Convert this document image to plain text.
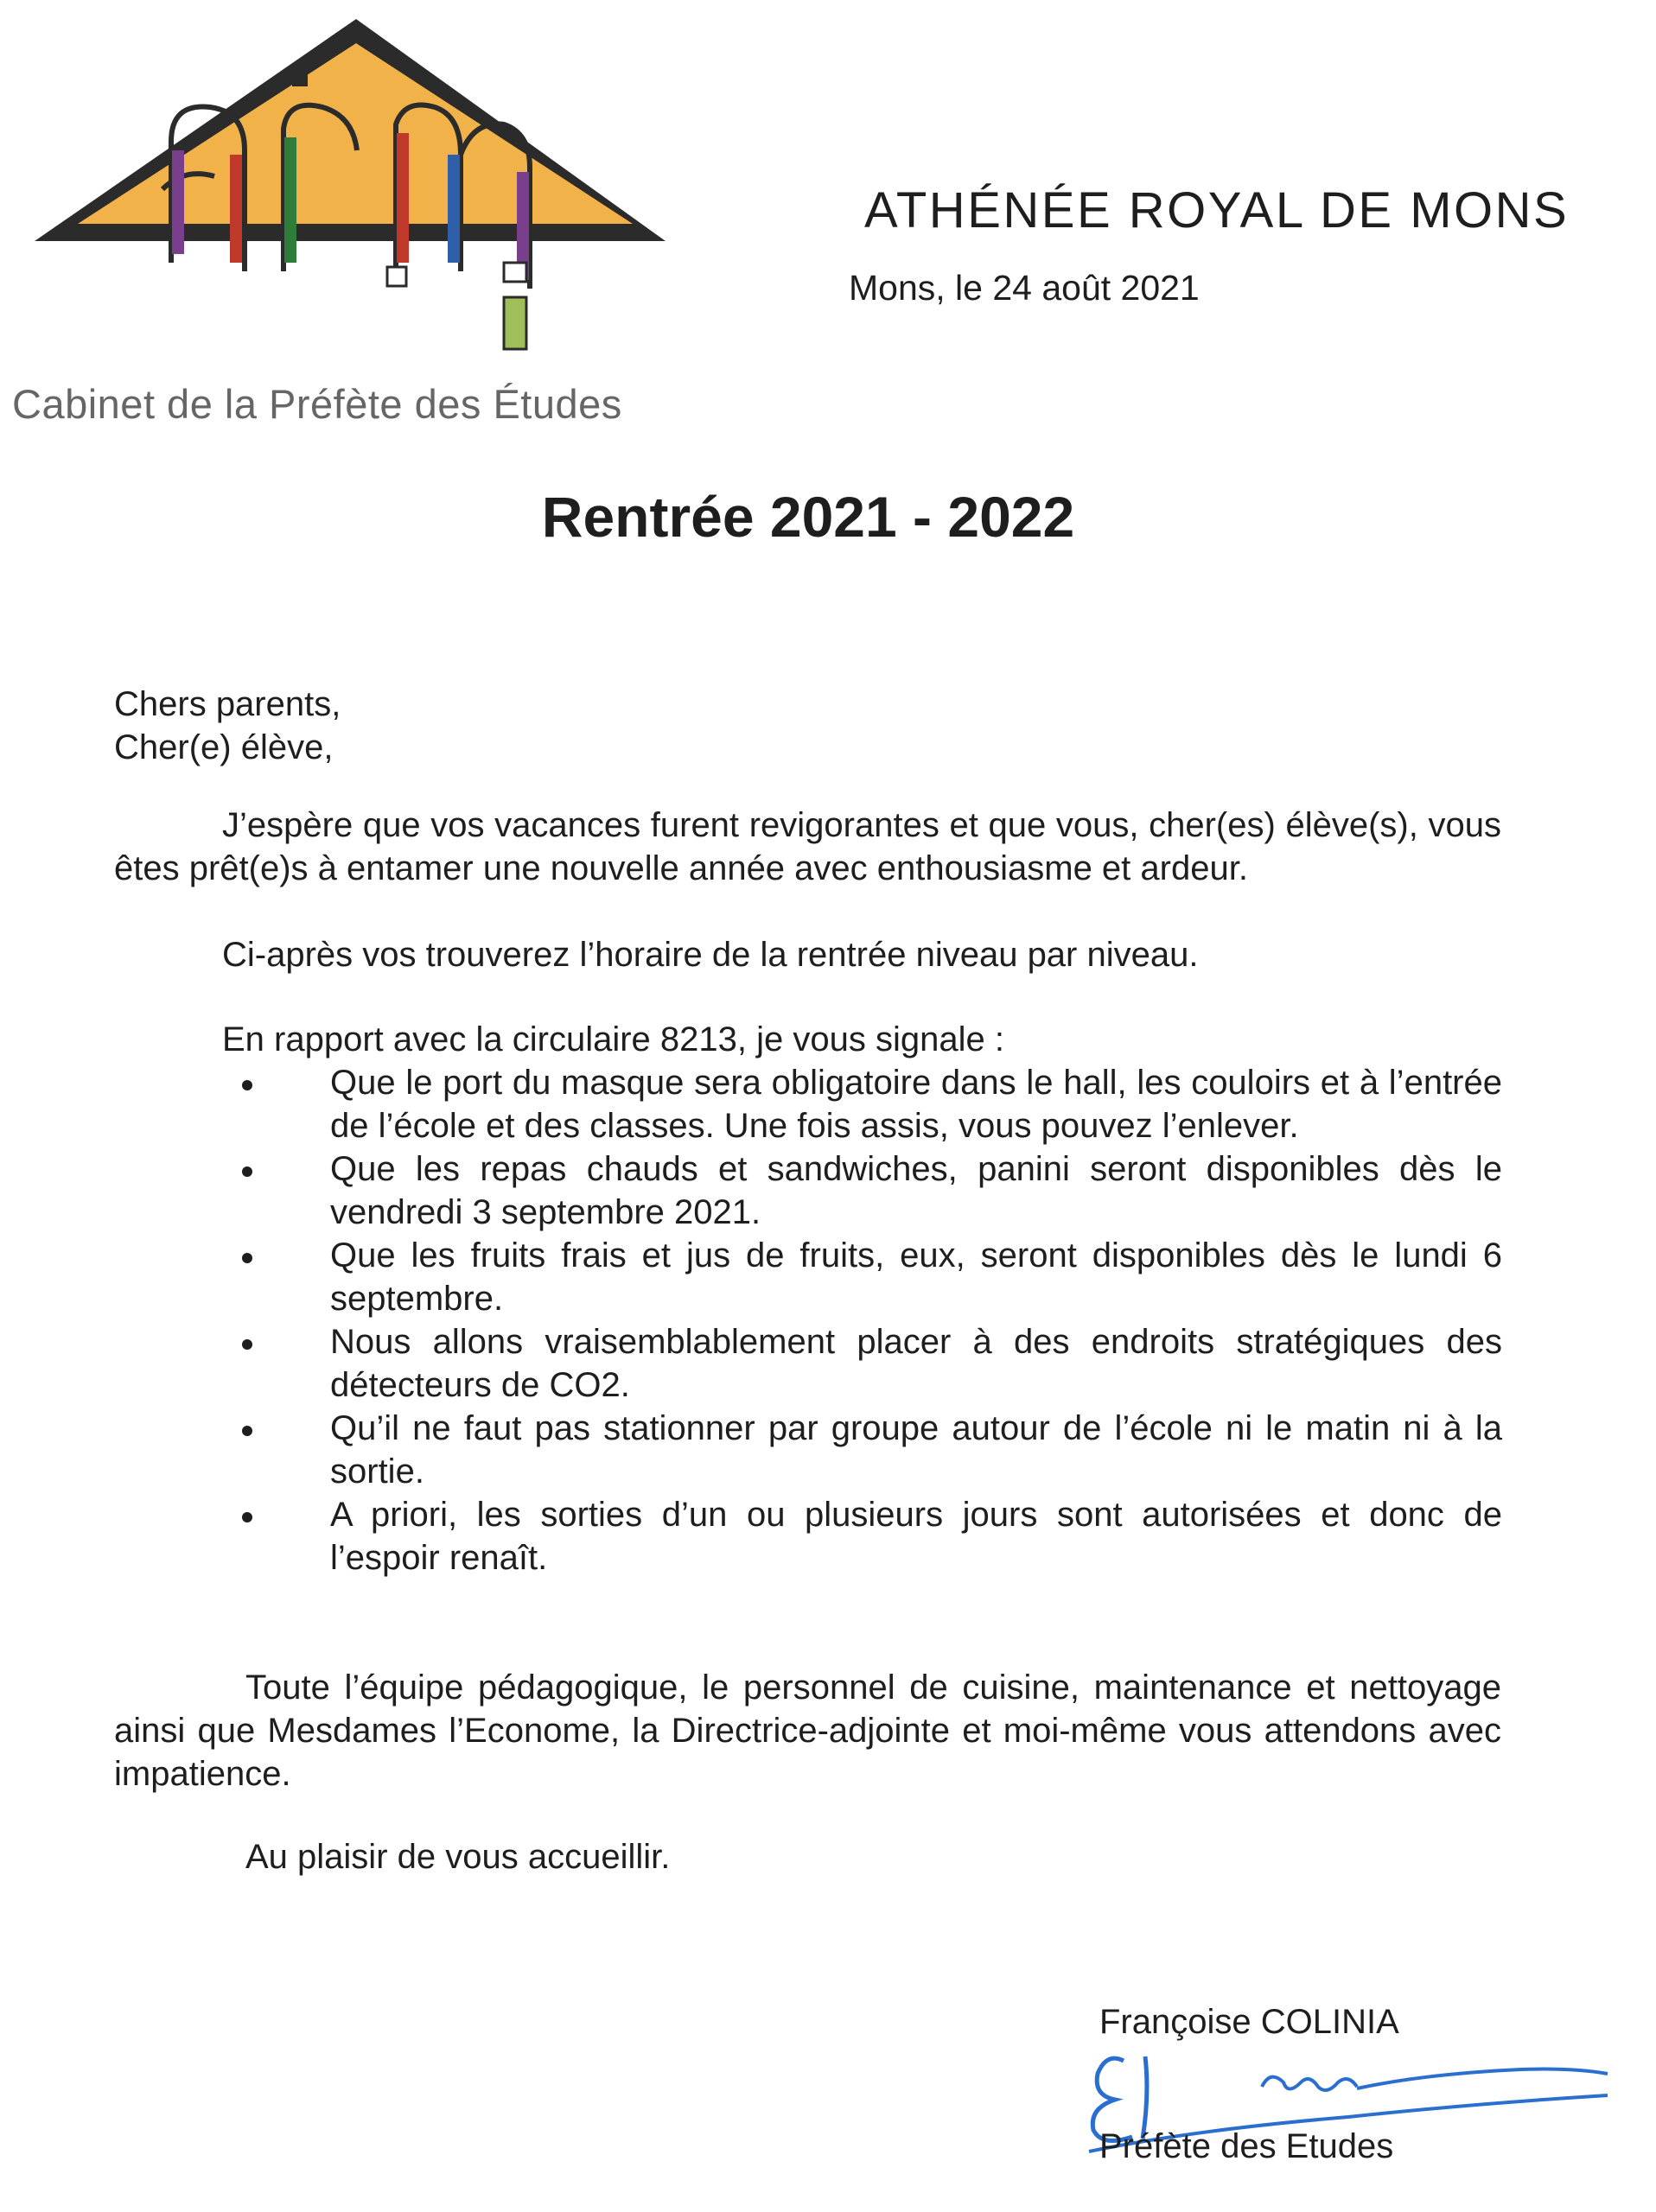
Cabinet de la Préfète des Études
ATHÉNÉE ROYAL DE MONS
Mons, le 24 août 2021
Rentrée 2021 - 2022
Chers parents,
Cher(e) élève,
J’espère que vos vacances furent revigorantes et que vous, cher(es) élève(s), vous êtes prêt(e)s à entamer une nouvelle année avec enthousiasme et ardeur.
Ci-après vos trouverez l’horaire de la rentrée niveau par niveau.
En rapport avec la circulaire 8213, je vous signale :
Que le port du masque sera obligatoire dans le hall, les couloirs et à l’entrée de l’école et des classes. Une fois assis, vous pouvez l’enlever.
Que les repas chauds et sandwiches, panini seront disponibles dès le vendredi 3 septembre 2021.
Que les fruits frais et jus de fruits, eux, seront disponibles dès le lundi 6 septembre.
Nous allons vraisemblablement placer à des endroits stratégiques des détecteurs de CO2.
Qu’il ne faut pas stationner par groupe autour de l’école ni le matin ni à la sortie.
A priori, les sorties d’un ou plusieurs jours sont autorisées et donc de l’espoir renaît.
Toute l’équipe pédagogique, le personnel de cuisine, maintenance et nettoyage ainsi que Mesdames l’Econome, la Directrice-adjointe et moi-même vous attendons avec impatience.
Au plaisir de vous accueillir.
Françoise COLINIA
Préfète des Etudes
